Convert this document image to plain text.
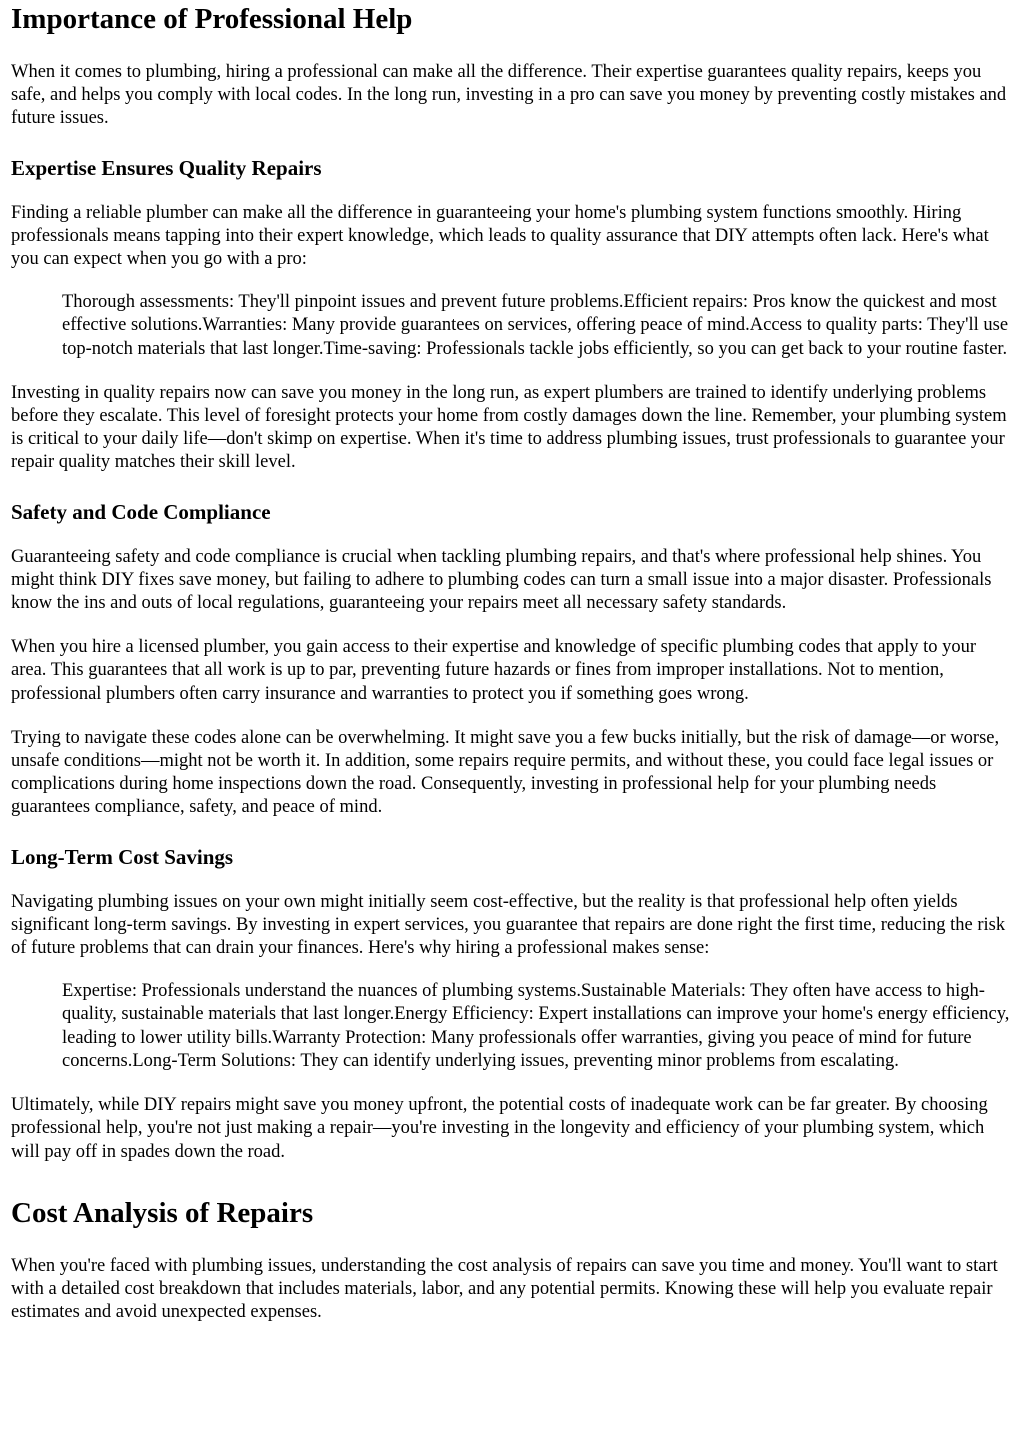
Importance of Professional Help

When it comes to plumbing, hiring a professional can make all the difference. Their expertise guarantees quality repairs, keeps you safe, and helps you comply with local codes. In the long run, investing in a pro can save you money by preventing costly mistakes and future issues.

Expertise Ensures Quality Repairs

Finding a reliable plumber can make all the difference in guaranteeing your home's plumbing system functions smoothly. Hiring professionals means tapping into their expert knowledge, which leads to quality assurance that DIY attempts often lack. Here's what you can expect when you go with a pro:

Thorough assessments: They'll pinpoint issues and prevent future problems.Efficient repairs: Pros know the quickest and most effective solutions.Warranties: Many provide guarantees on services, offering peace of mind.Access to quality parts: They'll use top-notch materials that last longer.Time-saving: Professionals tackle jobs efficiently, so you can get back to your routine faster.

Investing in quality repairs now can save you money in the long run, as expert plumbers are trained to identify underlying problems before they escalate. This level of foresight protects your home from costly damages down the line. Remember, your plumbing system is critical to your daily life—don't skimp on expertise. When it's time to address plumbing issues, trust professionals to guarantee your repair quality matches their skill level.

Safety and Code Compliance

Guaranteeing safety and code compliance is crucial when tackling plumbing repairs, and that's where professional help shines. You might think DIY fixes save money, but failing to adhere to plumbing codes can turn a small issue into a major disaster. Professionals know the ins and outs of local regulations, guaranteeing your repairs meet all necessary safety standards.

When you hire a licensed plumber, you gain access to their expertise and knowledge of specific plumbing codes that apply to your area. This guarantees that all work is up to par, preventing future hazards or fines from improper installations. Not to mention, professional plumbers often carry insurance and warranties to protect you if something goes wrong.

Trying to navigate these codes alone can be overwhelming. It might save you a few bucks initially, but the risk of damage—or worse, unsafe conditions—might not be worth it. In addition, some repairs require permits, and without these, you could face legal issues or complications during home inspections down the road. Consequently, investing in professional help for your plumbing needs guarantees compliance, safety, and peace of mind.

Long-Term Cost Savings

Navigating plumbing issues on your own might initially seem cost-effective, but the reality is that professional help often yields significant long-term savings. By investing in expert services, you guarantee that repairs are done right the first time, reducing the risk of future problems that can drain your finances. Here's why hiring a professional makes sense:

Expertise: Professionals understand the nuances of plumbing systems.Sustainable Materials: They often have access to high-quality, sustainable materials that last longer.Energy Efficiency: Expert installations can improve your home's energy efficiency, leading to lower utility bills.Warranty Protection: Many professionals offer warranties, giving you peace of mind for future concerns.Long-Term Solutions: They can identify underlying issues, preventing minor problems from escalating.

Ultimately, while DIY repairs might save you money upfront, the potential costs of inadequate work can be far greater. By choosing professional help, you're not just making a repair—you're investing in the longevity and efficiency of your plumbing system, which will pay off in spades down the road.

Cost Analysis of Repairs

When you're faced with plumbing issues, understanding the cost analysis of repairs can save you time and money. You'll want to start with a detailed cost breakdown that includes materials, labor, and any potential permits. Knowing these will help you evaluate repair estimates and avoid unexpected expenses.
